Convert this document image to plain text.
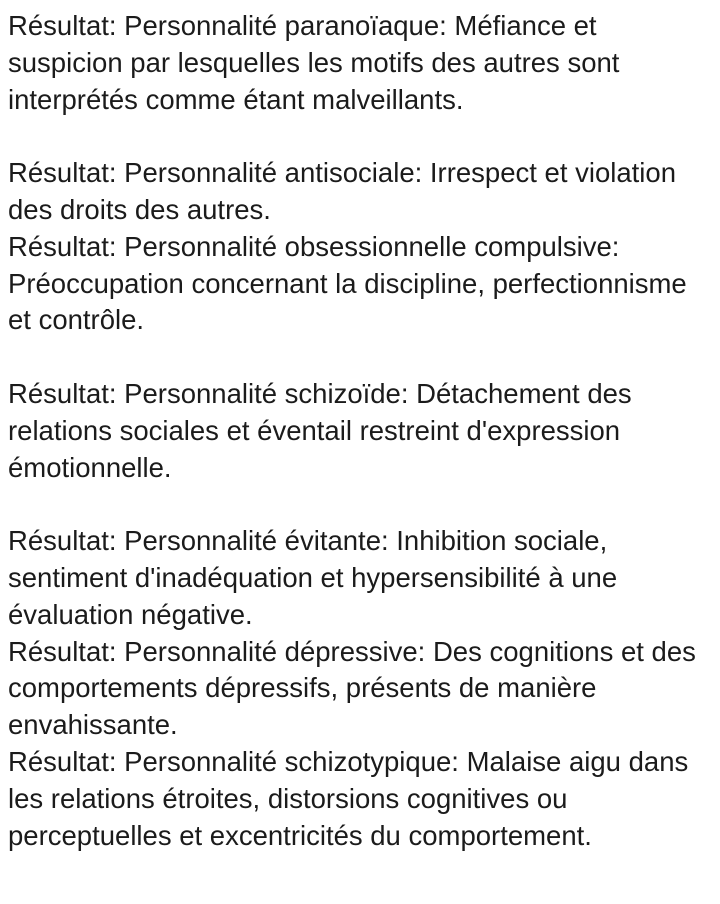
Résultat: Personnalité paranoïaque: Méfiance et suspicion par lesquelles les motifs des autres sont interprétés comme étant malveillants.

Résultat: Personnalité antisociale: Irrespect et violation des droits des autres.

Résultat: Personnalité obsessionnelle compulsive: Préoccupation concernant la discipline, perfectionnisme et contrôle.

Résultat: Personnalité schizoïde: Détachement des relations sociales et éventail restreint d'expression émotionnelle.

Résultat: Personnalité évitante: Inhibition sociale, sentiment d'inadéquation et hypersensibilité à une évaluation négative.

Résultat: Personnalité dépressive: Des cognitions et des comportements dépressifs, présents de manière envahissante.

Résultat: Personnalité schizotypique: Malaise aigu dans les relations étroites, distorsions cognitives ou perceptuelles et excentricités du comportement.
